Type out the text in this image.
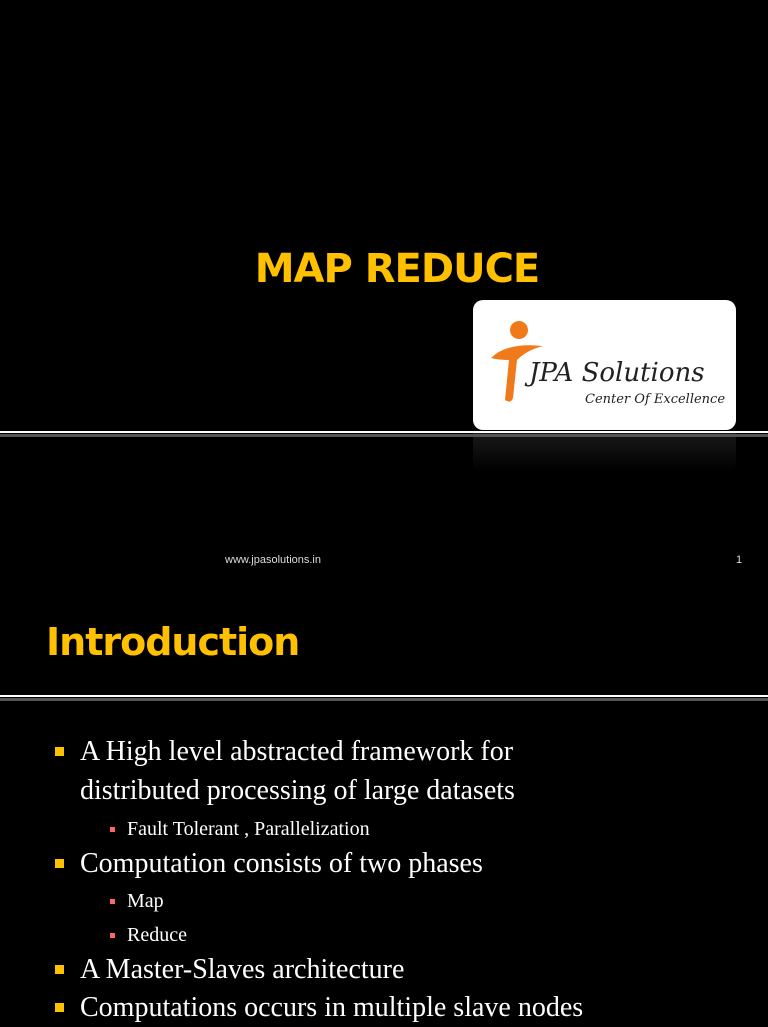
MAP REDUCE
JPA Solutions
Center Of Excellence
www.jpasolutions.in	1
Introduction
A High level abstracted framework for
distributed processing of large datasets
Fault Tolerant , Parallelization
Computation consists of two phases
Map
Reduce
A Master-Slaves architecture
Computations occurs in multiple slave nodes
